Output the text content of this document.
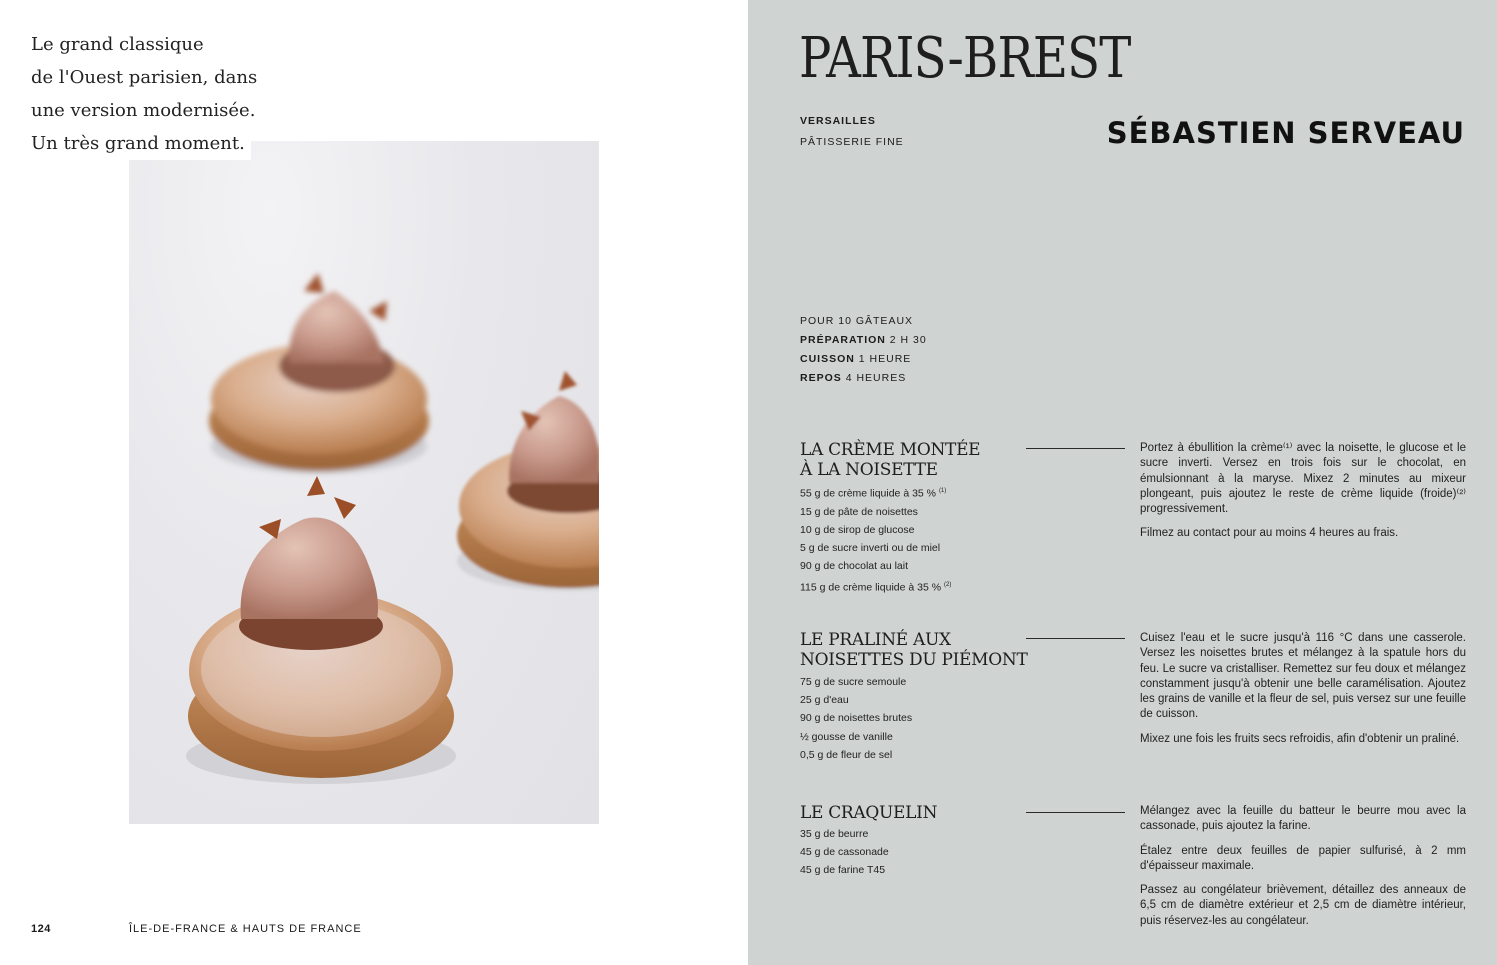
Le grand classique
de l'Ouest parisien, dans
une version modernisée.
Un très grand moment.
124	ÎLE-DE-FRANCE & HAUTS DE FRANCE
PARIS-BREST
VERSAILLES
PÂTISSERIE FINE	SÉBASTIEN SERVEAU
POUR 10 GÂTEAUX
PRÉPARATION 2 H 30
CUISSON 1 HEURE
REPOS 4 HEURES
LA CRÈME MONTÉE
À LA NOISETTE
55 g de crème liquide à 35 % $^{(1)}$
15 g de pâte de noisettes
10 g de sirop de glucose
5 g de sucre inverti ou de miel
90 g de chocolat au lait
115 g de crème liquide à 35 % $^{(2)}$

Portez à ébullition la crème⁽¹⁾ avec la noisette, le glucose et le sucre inverti. Versez en trois fois sur le chocolat, en émulsionnant à la maryse. Mixez 2 minutes au mixeur plongeant, puis ajoutez le reste de crème liquide (froide)⁽²⁾ progressivement.

Filmez au contact pour au moins 4 heures au frais.

LE PRALINÉ AUX
NOISETTES DU PIÉMONT
75 g de sucre semoule
25 g d'eau
90 g de noisettes brutes
½ gousse de vanille
0,5 g de fleur de sel

Cuisez l'eau et le sucre jusqu'à 116 °C dans une casserole. Versez les noisettes brutes et mélangez à la spatule hors du feu. Le sucre va cristalliser. Remettez sur feu doux et mélangez constamment jusqu'à obtenir une belle caramélisation. Ajoutez les grains de vanille et la fleur de sel, puis versez sur une feuille de cuisson.

Mixez une fois les fruits secs refroidis, afin d'obtenir un praliné.

LE CRAQUELIN
35 g de beurre
45 g de cassonade
45 g de farine T45

Mélangez avec la feuille du batteur le beurre mou avec la cassonade, puis ajoutez la farine.

Étalez entre deux feuilles de papier sulfurisé, à 2 mm d'épaisseur maximale.

Passez au congélateur brièvement, détaillez des anneaux de 6,5 cm de diamètre extérieur et 2,5 cm de diamètre intérieur, puis réservez-les au congélateur.
